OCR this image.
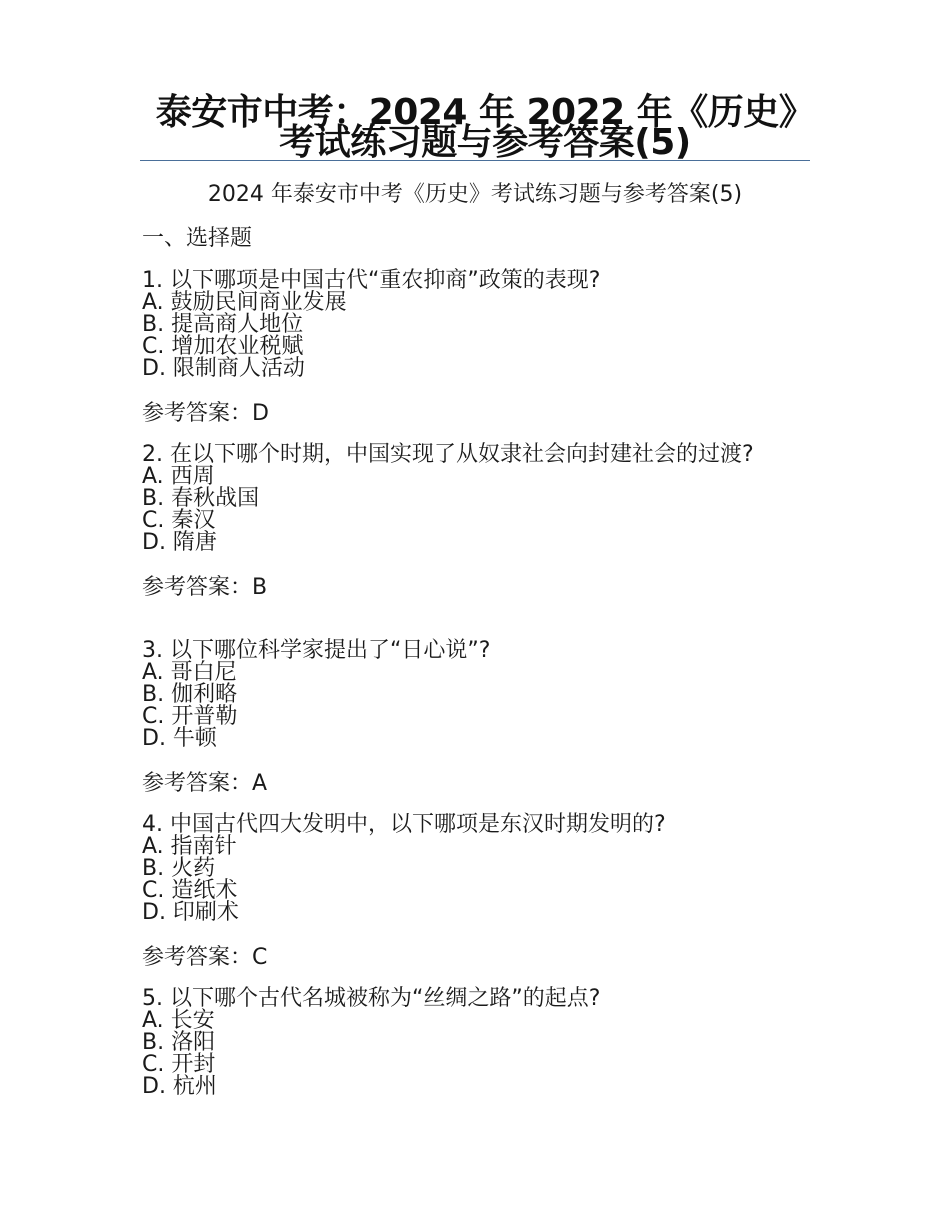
泰安市中考：2024 年 2022 年《历史》
考试练习题与参考答案(5)
2024 年泰安市中考《历史》考试练习题与参考答案(5)
一、选择题
1. 以下哪项是中国古代“重农抑商”政策的表现?
A. 鼓励民间商业发展
B. 提高商人地位
C. 增加农业税赋
D. 限制商人活动
参考答案：D
2. 在以下哪个时期，中国实现了从奴隶社会向封建社会的过渡?
A. 西周
B. 春秋战国
C. 秦汉
D. 隋唐
参考答案：B
3. 以下哪位科学家提出了“日心说”?
A. 哥白尼
B. 伽利略
C. 开普勒
D. 牛顿
参考答案：A
4. 中国古代四大发明中，以下哪项是东汉时期发明的?
A. 指南针
B. 火药
C. 造纸术
D. 印刷术
参考答案：C
5. 以下哪个古代名城被称为“丝绸之路”的起点?
A. 长安
B. 洛阳
C. 开封
D. 杭州
